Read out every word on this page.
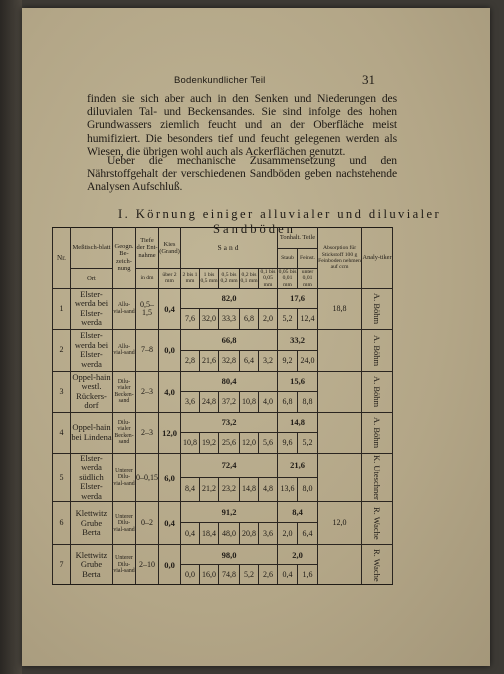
Bodenkundlicher Teil	31
finden sie sich aber auch in den Senken und Niederungen des diluvialen Tal- und Beckensandes. Sie sind infolge des hohen Grundwassers ziemlich feucht und an der Oberfläche meist humifiziert. Die besonders tief und feucht gelegenen werden als Wiesen, die übrigen wohl auch als Ackerflächen genutzt.
Ueber die mechanische Zusammensetzung und den Nährstoffgehalt der verschiedenen Sandböden geben nachstehende Analysen Aufschluß.
I. Körnung einiger alluvialer und diluvialer
Sandböden
Nr.	Meßtisch-blatt	Geogn. Be-zeich-nung	Tiefe der Ent-nahme	Kies (Grand)	Sand					Tonhalt. Teile		Absorption für Stickstoff 100 g Feinboden nehmen auf ccm	Analy-tiker
										Staub	Feinst.		
	Ort		in dm	über 2 mm	2 bis 1 mm	1 bis 0,5 mm	0,5 bis 0,2 mm	0,2 bis 0,1 mm	0,1 bis 0,05 mm	0,05 bis 0,01 mm	unter 0,01 mm		
1	Elster-werda bei Elster-werda	Allu-vial-sand	0,5–1,5	0,4	82,0					17,6		18,8	A. Böhm
					7,6	32,0	33,3	6,8	2,0	5,2	12,4		
2	Elster-werda bei Elster-werda	Allu-vial-sand	7–8	0,0	66,8					33,2			A. Böhm
					2,8	21,6	32,8	6,4	3,2	9,2	24,0		
3	Oppel-hain westl. Rückers-dorf	Dilu-vialer Becken-sand	2–3	4,0	80,4					15,6			A. Böhm
					3,6	24,8	37,2	10,8	4,0	6,8	8,8		
4	Oppel-hain bei Lindena	Dilu-vialer Becken-sand	2–3	12,0	73,2					14,8			A. Böhm
					10,8	19,2	25,6	12,0	5,6	9,6	5,2		
5	Elster-werda südlich Elster-werda	Unterer Dilu-vial-sand	0–0,15	6,0	72,4					21,6			K. Uteschner
					8,4	21,2	23,2	14,8	4,8	13,6	8,0		
6	Klettwitz Grube Berta	Unterer Dilu-vial-sand	0–2	0,4	91,2					8,4		12,0	R. Wache
					0,4	18,4	48,0	20,8	3,6	2,0	6,4		
7	Klettwitz Grube Berta	Unterer Dilu-vial-sand	2–10	0,0	98,0					2,0			R. Wache
					0,0	16,0	74,8	5,2	2,6	0,4	1,6		
